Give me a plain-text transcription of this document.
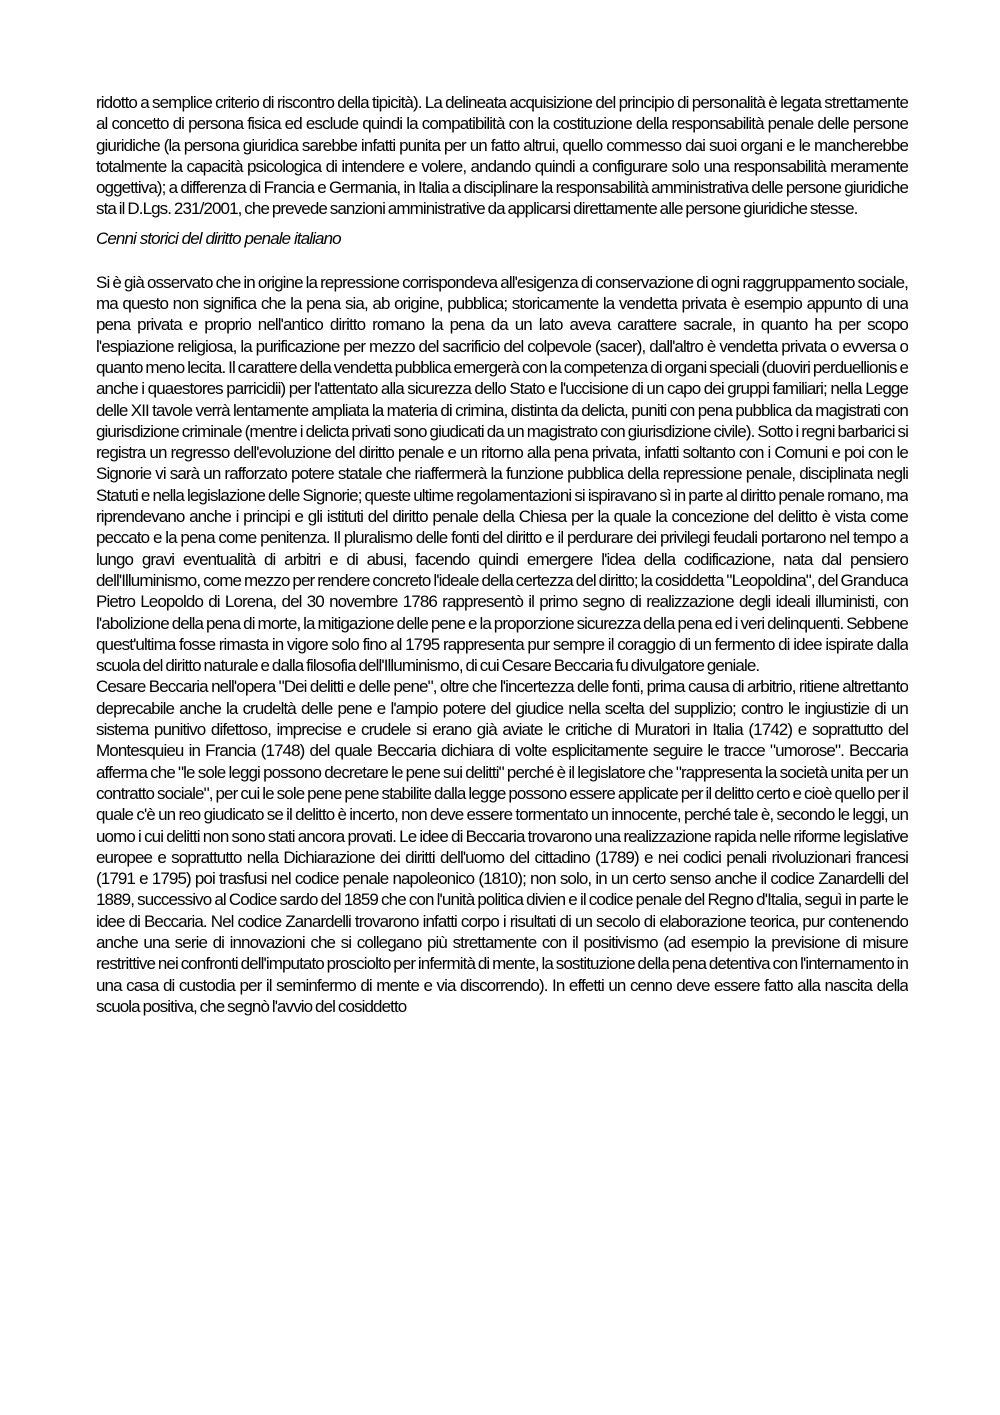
ridotto a semplice criterio di riscontro della tipicità). La delineata acquisizione del principio di personalità è legata strettamente al concetto di persona fisica ed esclude quindi la compatibilità con la costituzione della responsabilità penale delle persone giuridiche (la persona giuridica sarebbe infatti punita per un fatto altrui, quello commesso dai suoi organi e le mancherebbe totalmente la capacità psicologica di intendere e volere, andando quindi a configurare solo una responsabilità meramente oggettiva); a differenza di Francia e Germania, in Italia a disciplinare la responsabilità amministrativa delle persone giuridiche sta il D.Lgs. 231/2001, che prevede sanzioni amministrative da applicarsi direttamente alle persone giuridiche stesse.

Cenni storici del diritto penale italiano

Si è già osservato che in origine la repressione corrispondeva all'esigenza di conservazione di ogni raggruppamento sociale, ma questo non significa che la pena sia, ab origine, pubblica; storicamente la vendetta privata è esempio appunto di una pena privata e proprio nell'antico diritto romano la pena da un lato aveva carattere sacrale, in quanto ha per scopo l'espiazione religiosa, la purificazione per mezzo del sacrificio del colpevole (sacer), dall'altro è vendetta privata o evversa o quanto meno lecita. Il carattere della vendetta pubblica emergerà con la competenza di organi speciali (duoviri perduellionis e anche i quaestores parricidii) per l'attentato alla sicurezza dello Stato e l'uccisione di un capo dei gruppi familiari; nella Legge delle XII tavole verrà lentamente ampliata la materia di crimina, distinta da delicta, puniti con pena pubblica da magistrati con giurisdizione criminale (mentre i delicta privati sono giudicati da un magistrato con giurisdizione civile). Sotto i regni barbarici si registra un regresso dell'evoluzione del diritto penale e un ritorno alla pena privata, infatti soltanto con i Comuni e poi con le Signorie vi sarà un rafforzato potere statale che riaffermerà la funzione pubblica della repressione penale, disciplinata negli Statuti e nella legislazione delle Signorie; queste ultime regolamentazioni si ispiravano sì in parte al diritto penale romano, ma riprendevano anche i principi e gli istituti del diritto penale della Chiesa per la quale la concezione del delitto è vista come peccato e la pena come penitenza. Il pluralismo delle fonti del diritto e il perdurare dei privilegi feudali portarono nel tempo a lungo gravi eventualità di arbitri e di abusi, facendo quindi emergere l'idea della codificazione, nata dal pensiero dell'Illuminismo, come mezzo per rendere concreto l'ideale della certezza del diritto; la cosiddetta "Leopoldina", del Granduca Pietro Leopoldo di Lorena, del 30 novembre 1786 rappresentò il primo segno di realizzazione degli ideali illuministi, con l'abolizione della pena di morte, la mitigazione delle pene e la proporzione sicurezza della pena ed i veri delinquenti. Sebbene quest'ultima fosse rimasta in vigore solo fino al 1795 rappresenta pur sempre il coraggio di un fermento di idee ispirate dalla scuola del diritto naturale e dalla filosofia dell'Illuminismo, di cui Cesare Beccaria fu divulgatore geniale.

Cesare Beccaria nell'opera "Dei delitti e delle pene", oltre che l'incertezza delle fonti, prima causa di arbitrio, ritiene altrettanto deprecabile anche la crudeltà delle pene e l'ampio potere del giudice nella scelta del supplizio; contro le ingiustizie di un sistema punitivo difettoso, imprecise e crudele si erano già aviate le critiche di Muratori in Italia (1742) e soprattutto del Montesquieu in Francia (1748) del quale Beccaria dichiara di volte esplicitamente seguire le tracce "umorose". Beccaria afferma che "le sole leggi possono decretare le pene sui delitti" perché è il legislatore che "rappresenta la società unita per un contratto sociale", per cui le sole pene pene stabilite dalla legge possono essere applicate per il delitto certo e cioè quello per il quale c'è un reo giudicato se il delitto è incerto, non deve essere tormentato un innocente, perché tale è, secondo le leggi, un uomo i cui delitti non sono stati ancora provati. Le idee di Beccaria trovarono una realizzazione rapida nelle riforme legislative europee e soprattutto nella Dichiarazione dei diritti dell'uomo del cittadino (1789) e nei codici penali rivoluzionari francesi (1791 e 1795) poi trasfusi nel codice penale napoleonico (1810); non solo, in un certo senso anche il codice Zanardelli del 1889, successivo al Codice sardo del 1859 che con l'unità politica divien e il codice penale del Regno d'Italia, seguì in parte le idee di Beccaria. Nel codice Zanardelli trovarono infatti corpo i risultati di un secolo di elaborazione teorica, pur contenendo anche una serie di innovazioni che si collegano più strettamente con il positivismo (ad esempio la previsione di misure restrittive nei confronti dell'imputato prosciolto per infermità di mente, la sostituzione della pena detentiva con l'internamento in una casa di custodia per il seminfermo di mente e via discorrendo). In effetti un cenno deve essere fatto alla nascita della scuola positiva, che segnò l'avvio del cosiddetto
